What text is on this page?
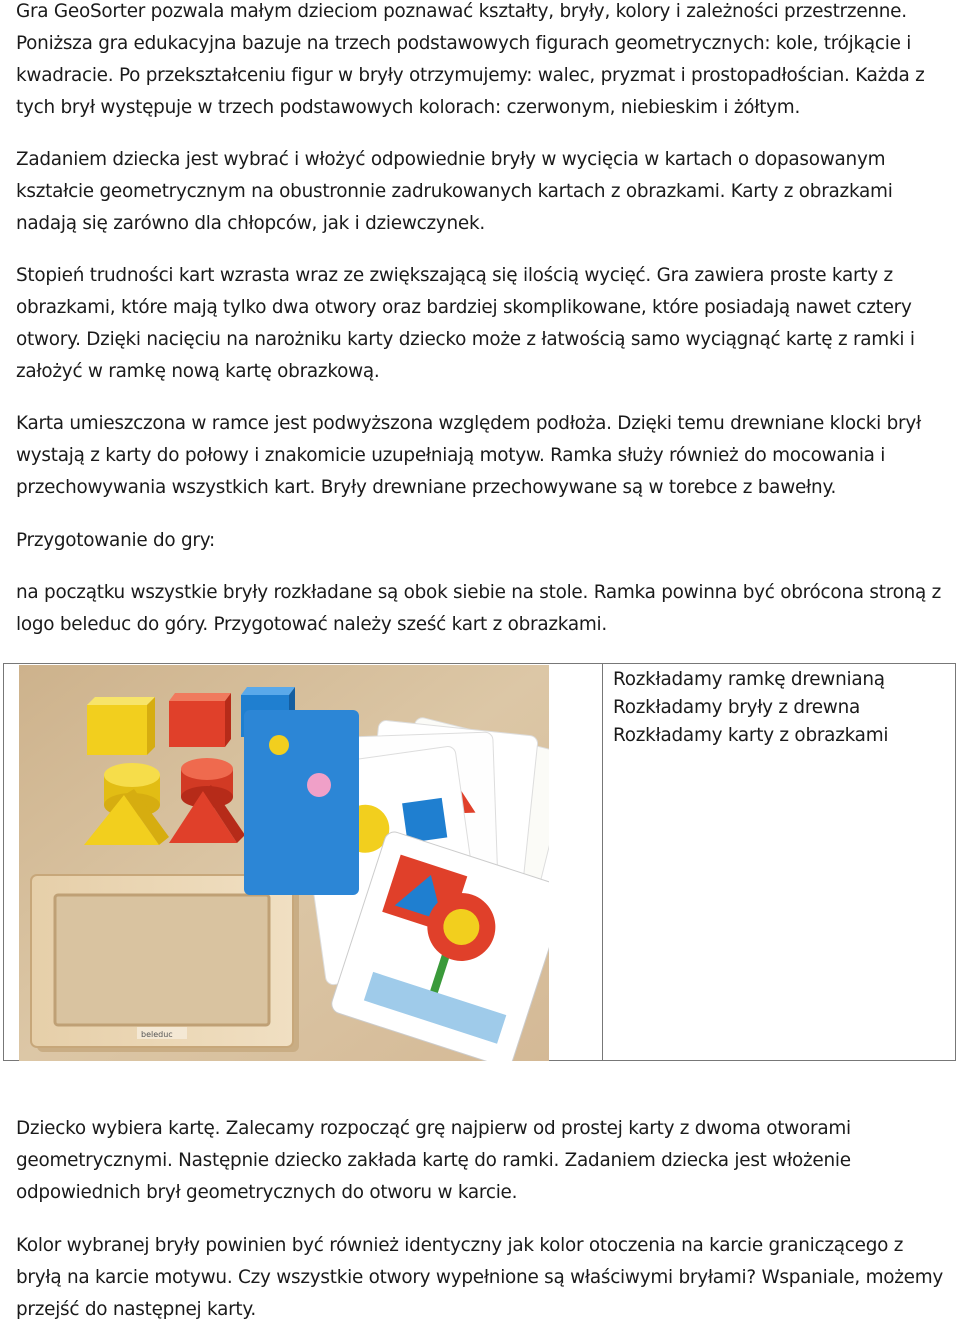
Gra GeoSorter pozwala małym dzieciom poznawać kształty, bryły, kolory i zależności przestrzenne. Poniższa gra edukacyjna bazuje na trzech podstawowych figurach geometrycznych: kole, trójkącie i kwadracie. Po przekształceniu figur w bryły otrzymujemy: walec, pryzmat i prostopadłościan. Każda z tych brył występuje w trzech podstawowych kolorach: czerwonym, niebieskim i żółtym.

Zadaniem dziecka jest wybrać i włożyć odpowiednie bryły w wycięcia w kartach o dopasowanym kształcie geometrycznym na obustronnie zadrukowanych kartach z obrazkami. Karty z obrazkami nadają się zarówno dla chłopców, jak i dziewczynek.

Stopień trudności kart wzrasta wraz ze zwiększającą się ilością wycięć. Gra zawiera proste karty z obrazkami, które mają tylko dwa otwory oraz bardziej skomplikowane, które posiadają nawet cztery otwory. Dzięki nacięciu na narożniku karty dziecko może z łatwością samo wyciągnąć kartę z ramki i założyć w ramkę nową kartę obrazkową.

Karta umieszczona w ramce jest podwyższona względem podłoża. Dzięki temu drewniane klocki brył wystają z karty do połowy i znakomicie uzupełniają motyw. Ramka służy również do mocowania i przechowywania wszystkich kart. Bryły drewniane przechowywane są w torebce z bawełny.

Przygotowanie do gry:

na początku wszystkie bryły rozkładane są obok siebie na stole. Ramka powinna być obrócona stroną z logo beleduc do góry. Przygotować należy sześć kart z obrazkami.

Dziecko wybiera kartę. Zalecamy rozpocząć grę najpierw od prostej karty z dwoma otworami geometrycznymi. Następnie dziecko zakłada kartę do ramki. Zadaniem dziecka jest włożenie odpowiednich brył geometrycznych do otworu w karcie.

Kolor wybranej bryły powinien być również identyczny jak kolor otoczenia na karcie graniczącego z bryłą na karcie motywu. Czy wszystkie otwory wypełnione są właściwymi bryłami? Wspaniale, możemy przejść do następnej karty.

beleduc
Rozkładamy ramkę drewnianą
Rozkładamy bryły z drewna
Rozkładamy karty z obrazkami
